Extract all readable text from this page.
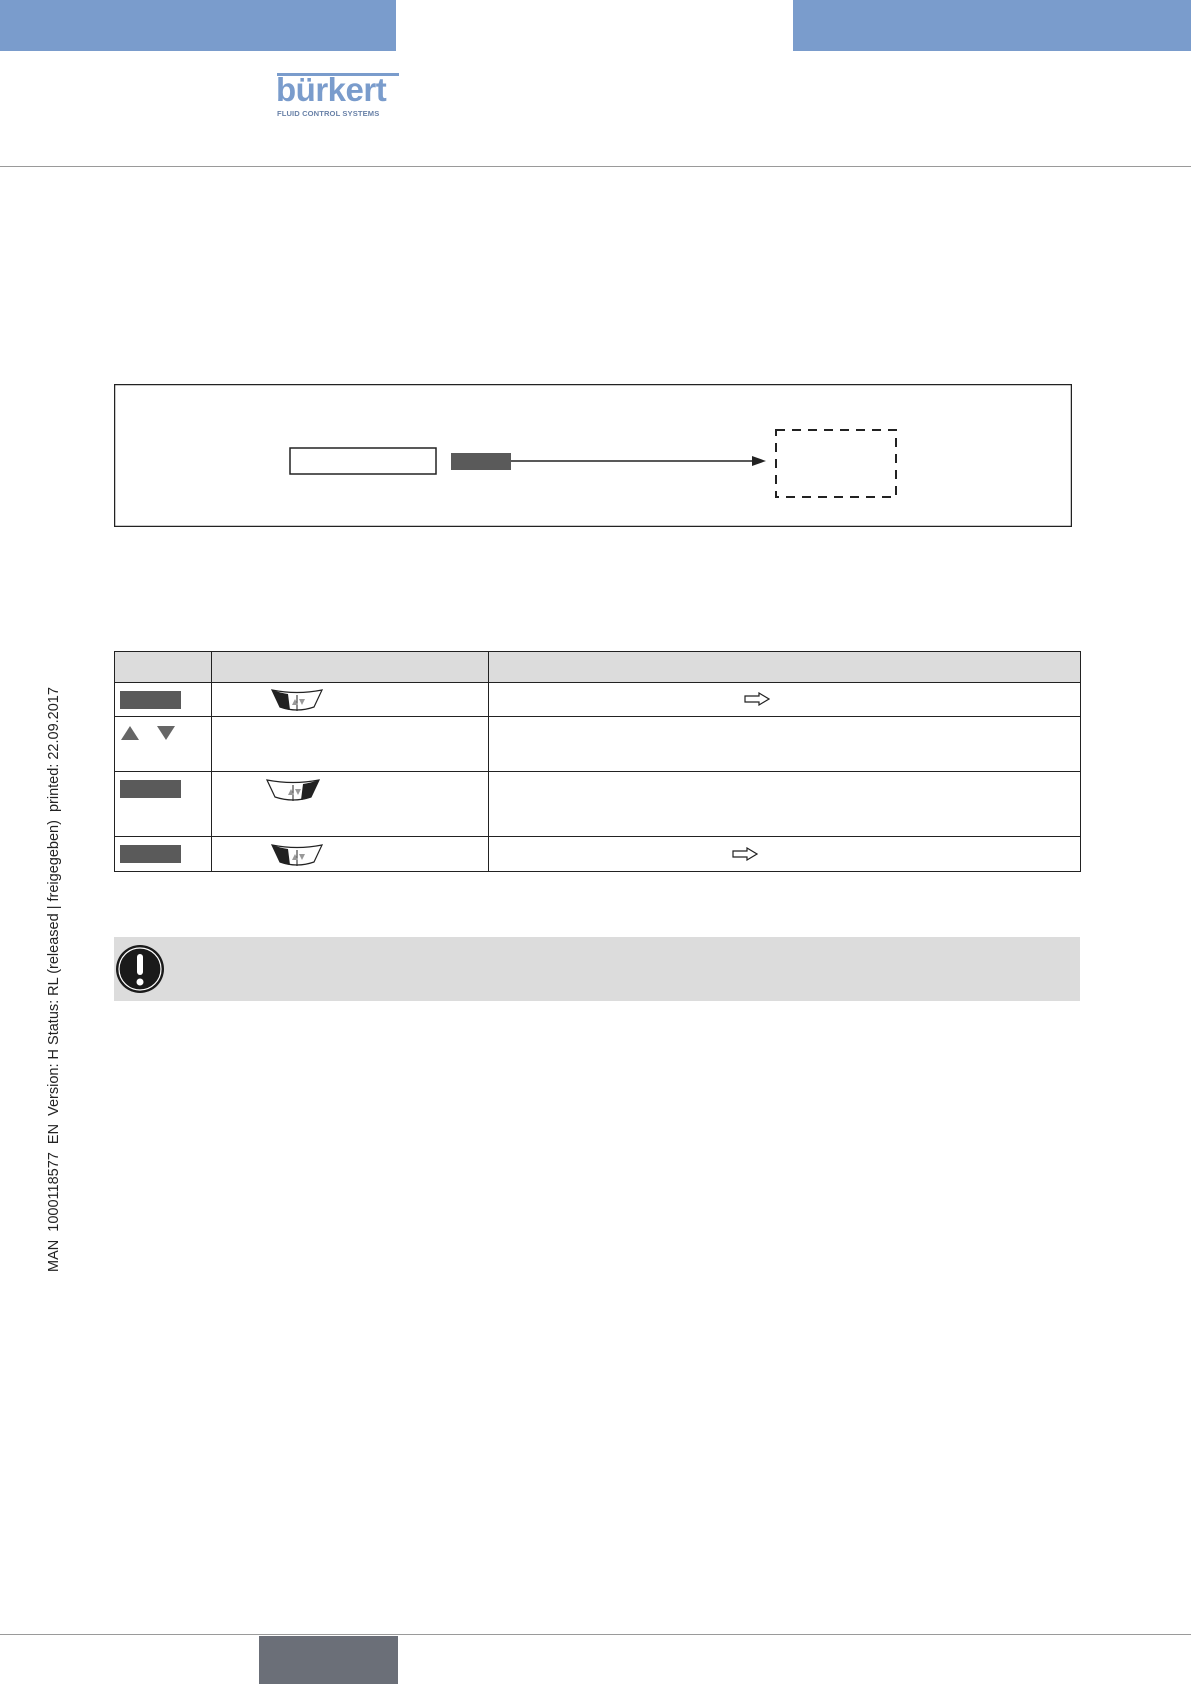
bürkert
FLUID CONTROL SYSTEMS
MAN  1000118577  EN  Version: H Status: RL (released | freigegeben)  printed: 22.09.2017
